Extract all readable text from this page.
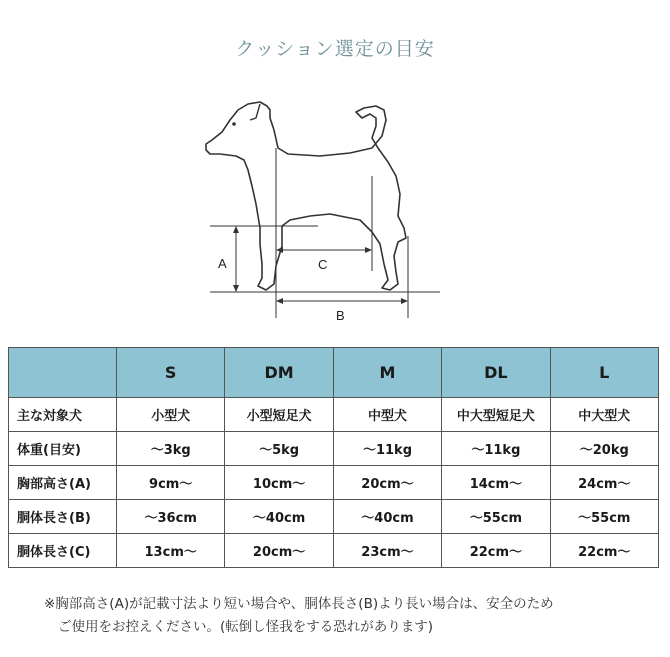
クッション選定の目安
A	C
B
	S	DM	M	DL	L
主な対象犬	小型犬	小型短足犬	中型犬	中大型短足犬	中大型犬
体重(目安)	〜3kg	〜5kg	〜11kg	〜11kg	〜20kg
胸部高さ(A)	9cm〜	10cm〜	20cm〜	14cm〜	24cm〜
胴体長さ(B)	〜36cm	〜40cm	〜40cm	〜55cm	〜55cm
胴体長さ(C)	13cm〜	20cm〜	23cm〜	22cm〜	22cm〜
※胸部高さ(A)が記載寸法より短い場合や、胴体長さ(B)より長い場合は、安全のため
ご使用をお控えください。(転倒し怪我をする恐れがあります)
